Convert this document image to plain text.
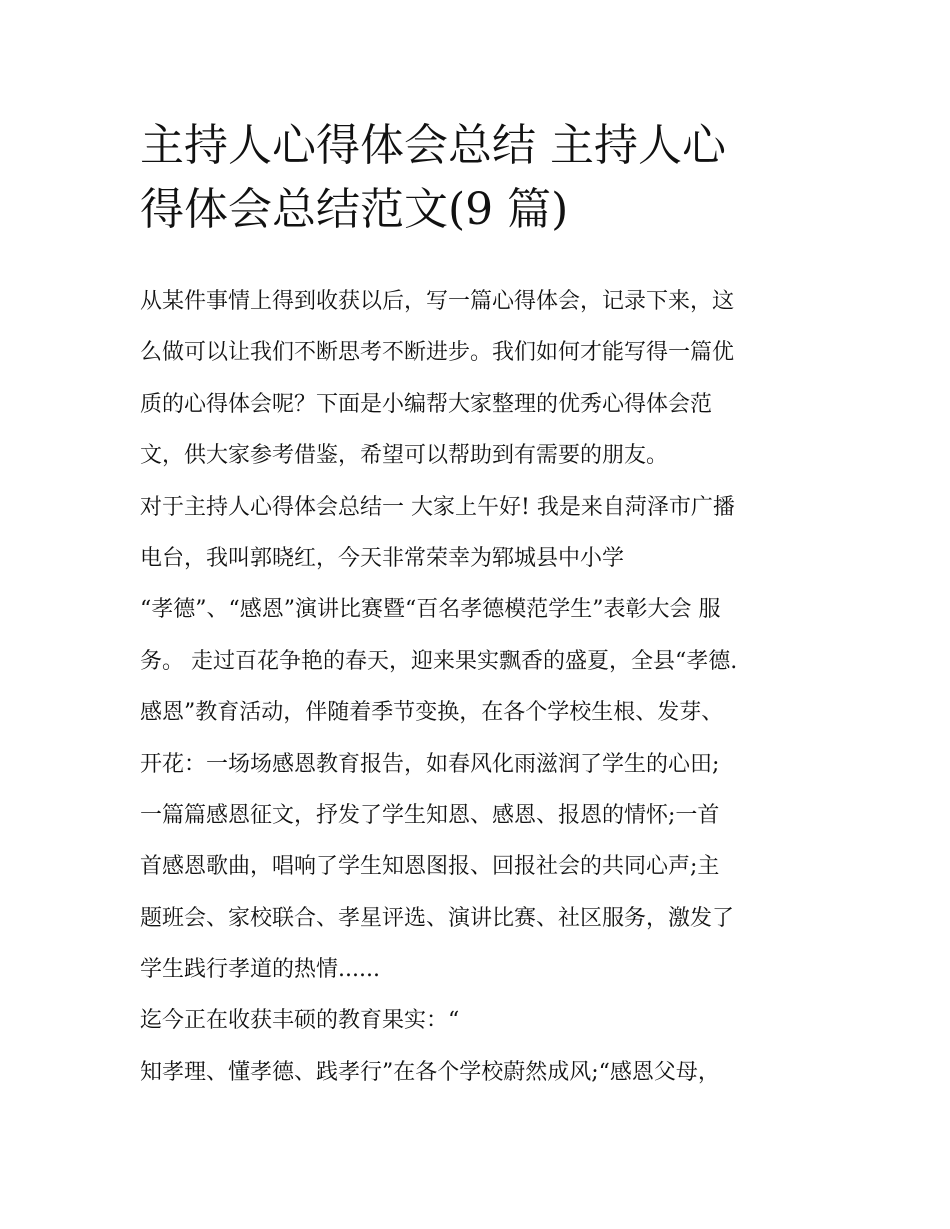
主持人心得体会总结 主持人心
得体会总结范文(9 篇)
从某件事情上得到收获以后，写一篇心得体会，记录下来，这
么做可以让我们不断思考不断进步。我们如何才能写得一篇优
质的心得体会呢？下面是小编帮大家整理的优秀心得体会范
文，供大家参考借鉴，希望可以帮助到有需要的朋友。
对于主持人心得体会总结一 大家上午好! 我是来自菏泽市广播
电台，我叫郭晓红，今天非常荣幸为郓城县中小学
“孝德”、“感恩”演讲比赛暨“百名孝德模范学生”表彰大会 服
务。 走过百花争艳的春天，迎来果实飘香的盛夏，全县“孝德.
感恩”教育活动，伴随着季节变换，在各个学校生根、发芽、
开花：一场场感恩教育报告，如春风化雨滋润了学生的心田;
一篇篇感恩征文，抒发了学生知恩、感恩、报恩的情怀;一首
首感恩歌曲，唱响了学生知恩图报、回报社会的共同心声;主
题班会、家校联合、孝星评选、演讲比赛、社区服务，激发了
学生践行孝道的热情......
迄今正在收获丰硕的教育果实：“
知孝理、懂孝德、践孝行”在各个学校蔚然成风;“感恩父母，
